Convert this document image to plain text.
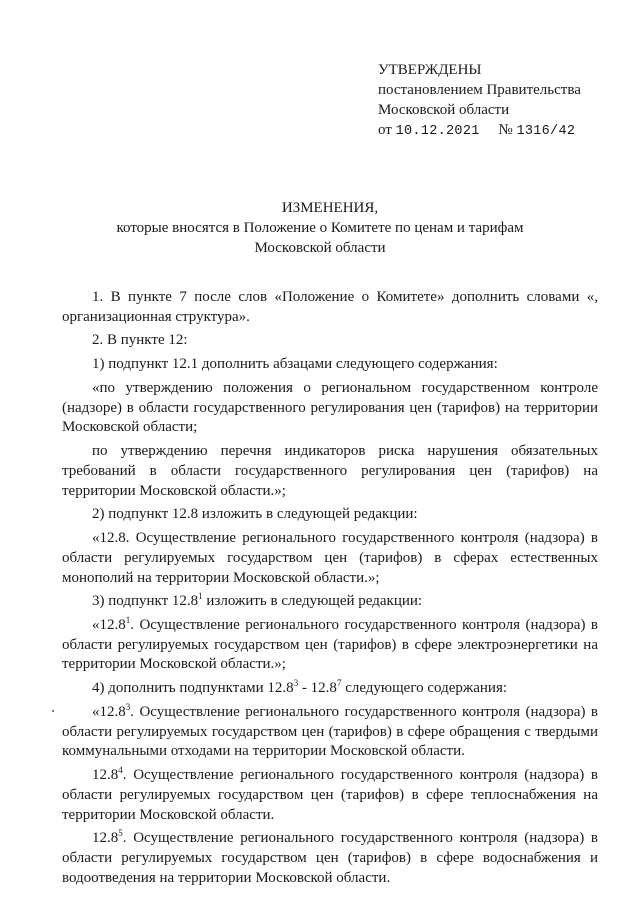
УТВЕРЖДЕНЫ
постановлением Правительства
Московской области
от 10.12.2021 № 1316/42
ИЗМЕНЕНИЯ,
которые вносятся в Положение о Комитете по ценам и тарифам
Московской области

1. В пункте 7 после слов «Положение о Комитете» дополнить словами «, организационная структура».

2. В пункте 12:

1) подпункт 12.1 дополнить абзацами следующего содержания:

«по утверждению положения о региональном государственном контроле (надзоре) в области государственного регулирования цен (тарифов) на территории Московской области;

по утверждению перечня индикаторов риска нарушения обязательных требований в области государственного регулирования цен (тарифов) на территории Московской области.»;

2) подпункт 12.8 изложить в следующей редакции:

«12.8. Осуществление регионального государственного контроля (надзора) в области регулируемых государством цен (тарифов) в сферах естественных монополий на территории Московской области.»;

3) подпункт 12.8$^1$ изложить в следующей редакции:

«12.8$^1$. Осуществление регионального государственного контроля (надзора) в области регулируемых государством цен (тарифов) в сфере электроэнергетики на территории Московской области.»;

4) дополнить подпунктами 12.8$^3$ - 12.8$^7$ следующего содержания:

«12.8$^3$. Осуществление регионального государственного контроля (надзора) в области регулируемых государством цен (тарифов) в сфере обращения с твердыми коммунальными отходами на территории Московской области.

12.8$^4$. Осуществление регионального государственного контроля (надзора) в области регулируемых государством цен (тарифов) в сфере теплоснабжения на территории Московской области.

12.8$^5$. Осуществление регионального государственного контроля (надзора) в области регулируемых государством цен (тарифов) в сфере водоснабжения и водоотведения на территории Московской области.
